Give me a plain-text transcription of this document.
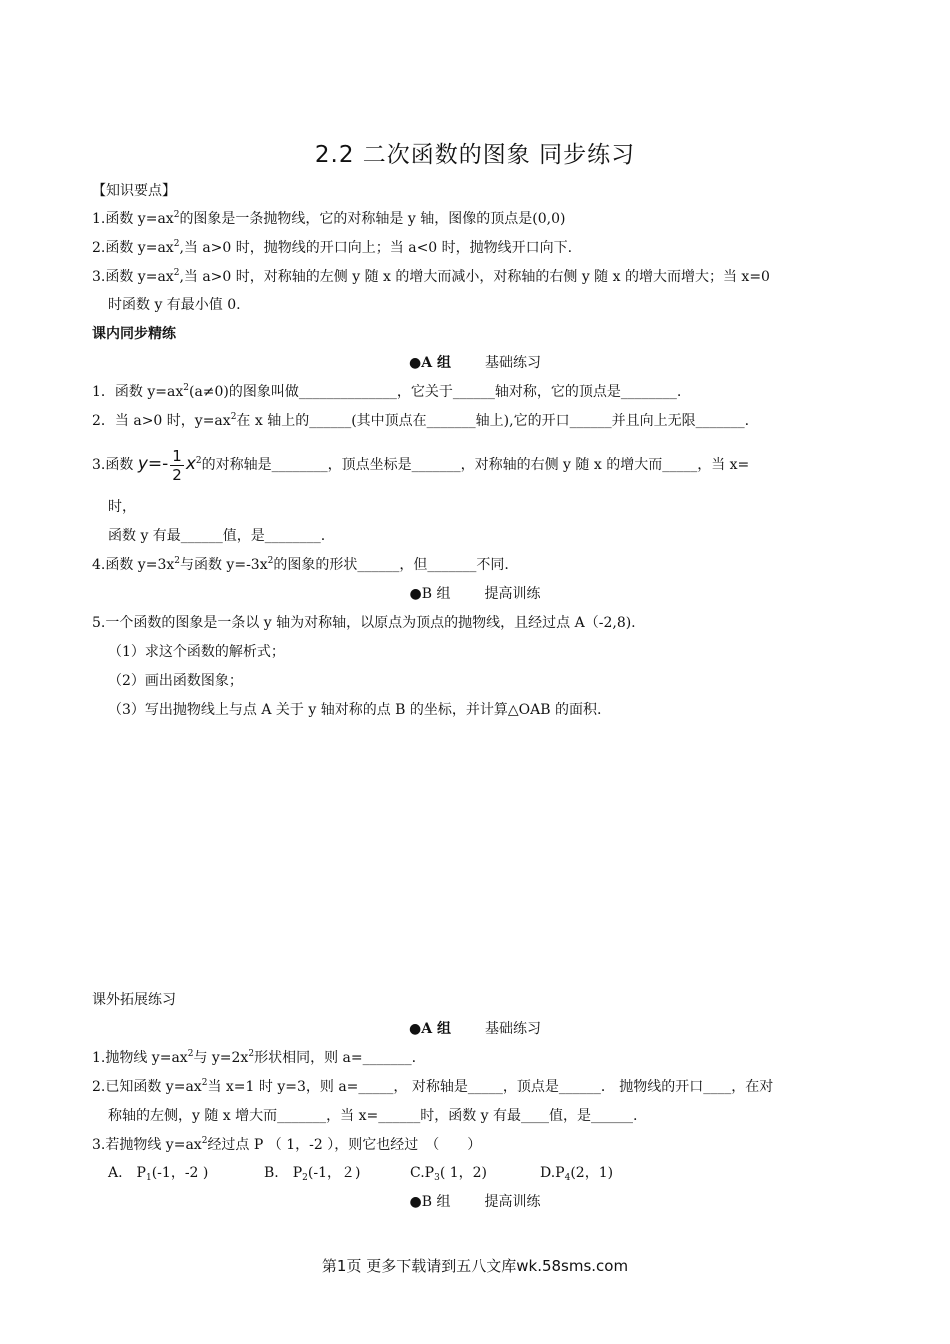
2.2 二次函数的图象 同步练习
【知识要点】
1.函数 $y=ax^2$的图象是一条抛物线，它的对称轴是 y 轴，图像的顶点是(0,0)
2.函数 $y=ax^2$,当 a>0 时，抛物线的开口向上；当 a<0 时，抛物线开口向下.
3.函数 $y=ax^2$,当 a>0 时，对称轴的左侧 y 随 x 的增大而减小，对称轴的右侧 y 随 x 的增大而增大；当 x=0
时函数 y 有最小值 0.
课内同步精练
●A 组 基础练习
1．函数 $y=ax^2(a\ne 0)$的图象叫做______________，它关于______轴对称，它的顶点是________.
2．当 a>0 时，$y=ax^2$在 x 轴上的______(其中顶点在_______轴上),它的开口______并且向上无限_______.
3.函数 $y=- \frac{1}{2} x^2$的对称轴是________，顶点坐标是_______，对称轴的右侧 y 随 x 的增大而_____，当 x=
时，
函数 y 有最______值，是________.
4.函数 $y=3x^2$与函数 $y=-3x^2$的图象的形状______，但_______不同.
●B 组 提高训练
5.一个函数的图象是一条以 y 轴为对称轴，以原点为顶点的抛物线，且经过点 A（-2,8).
（1）求这个函数的解析式；
（2）画出函数图象；
（3）写出抛物线上与点 A 关于 y 轴对称的点 B 的坐标，并计算△OAB 的面积.
课外拓展练习
●A 组 基础练习
1.抛物线 $y=ax^2$与 $y=2x^2$形状相同，则 a=_______.
2.已知函数 $y=ax^2$当 x=1 时 y=3，则 a=_____， 对称轴是_____，顶点是______． 抛物线的开口____，在对
称轴的左侧，y 随 x 增大而_______，当 x=______时，函数 y 有最____值，是______.
3.若抛物线 $y=ax^2$经过点 P （ 1，-2 ），则它也经过　（　　）
A.　$P_1(-1$，-2 )	B.　$P_2(-1$，２)	$C.P_3$( 1，2)	$D.P_4(2$，1)
●B 组 提高训练
第1页 更多下载请到五八文库wk.58sms.com
